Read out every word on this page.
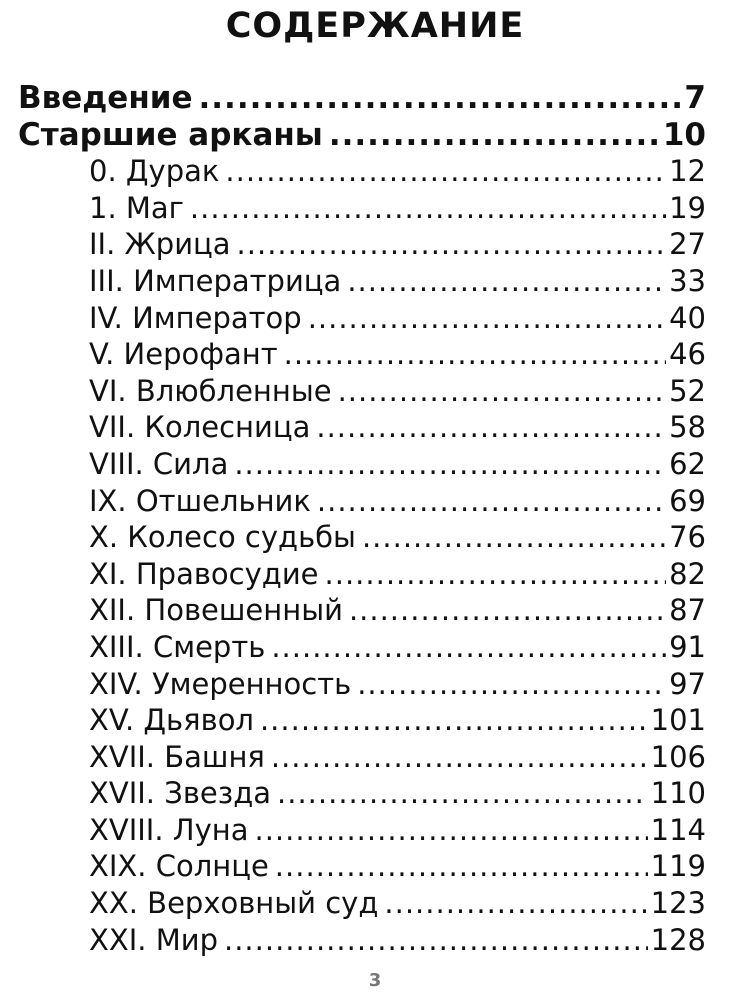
СОДЕРЖАНИЕ
Введение .....	7
Старшие арканы .....	10
0. Дурак .....	12
1. Маг .....	19
II. Жрица .....	27
III. Императрица .....	33
IV. Император .....	40
V. Иерофант .....	46
VI. Влюбленные .....	52
VII. Колесница .....	58
VIII. Сила .....	62
IX. Отшельник .....	69
X. Колесо судьбы .....	76
XI. Правосудие .....	82
XII. Повешенный .....	87
XIII. Смерть .....	91
XIV. Умеренность .....	97
XV. Дьявол .....	101
XVII. Башня .....	106
XVII. Звезда .....	110
XVIII. Луна .....	114
XIX. Солнце .....	119
XX. Верховный суд .....	123
XXI. Мир .....	128
3
